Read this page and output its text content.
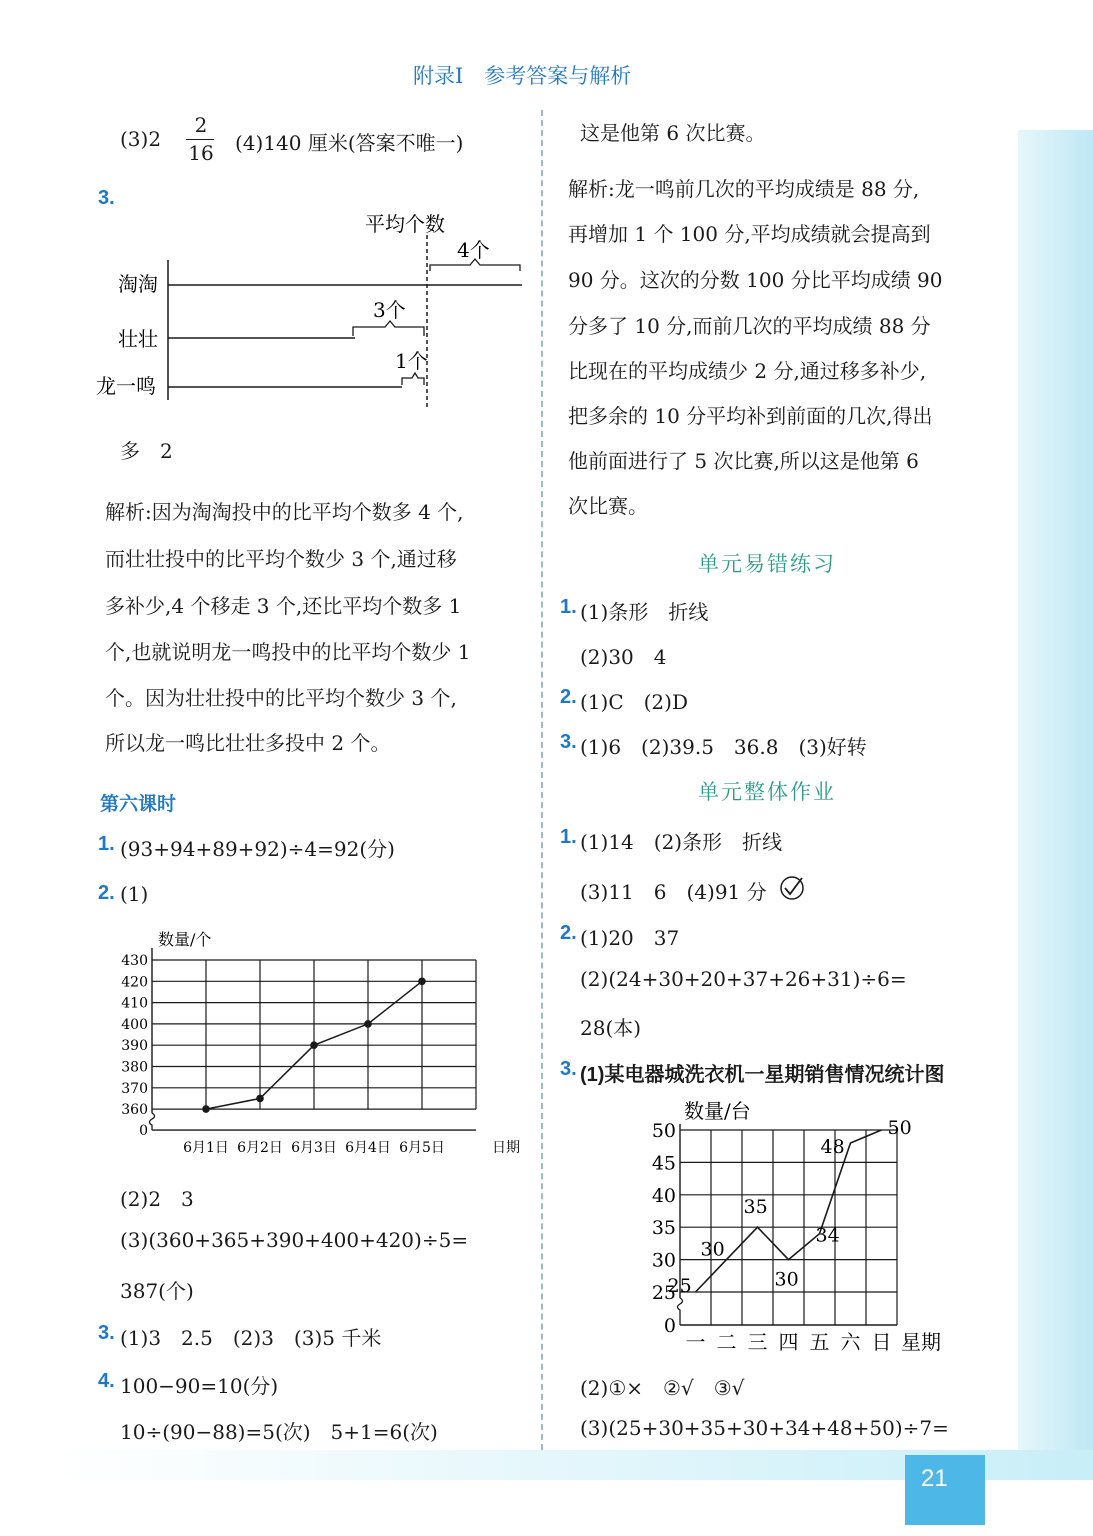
21
附录Ⅰ　参考答案与解析
(3)2
2
16 (4)140 厘米(答案不唯一)
3.
平均个数
淘淘
4个
壮壮
3个
龙一鸣
1个
多　2
解析:因为淘淘投中的比平均个数多 4 个,
而壮壮投中的比平均个数少 3 个,通过移
多补少,4 个移走 3 个,还比平均个数多 1
个,也就说明龙一鸣投中的比平均个数少 1
个。因为壮壮投中的比平均个数少 3 个,
所以龙一鸣比壮壮多投中 2 个。
第六课时
1. (93+94+89+92)÷4=92(分)
2. (1)
数量/个
0
360
370
380
390
400
410
420
430
6月1日 6月2日 6月3日 6月4日 6月5日	日期
(2)2　3
(3)(360+365+390+400+420)÷5=
387(个)
3. (1)3　2.5　(2)3　(3)5 千米
4. 100−90=10(分)
10÷(90−88)=5(次)　5+1=6(次)
这是他第 6 次比赛。
解析:龙一鸣前几次的平均成绩是 88 分,
再增加 1 个 100 分,平均成绩就会提高到
90 分。这次的分数 100 分比平均成绩 90
分多了 10 分,而前几次的平均成绩 88 分
比现在的平均成绩少 2 分,通过移多补少,
把多余的 10 分平均补到前面的几次,得出
他前面进行了 5 次比赛,所以这是他第 6
次比赛。
单元易错练习
1. (1)条形　折线
(2)30　4
2. (1)C　(2)D
3. (1)6　(2)39.5　36.8　(3)好转
单元整体作业
1. (1)14　(2)条形　折线
(3)11　6　(4)91 分
2. (1)20　37
(2)(24+30+20+37+26+31)÷6=
28(本)
3. (1)某电器城洗衣机一星期销售情况统计图
数量/台
0
25
30
35
40
45
50
一 二 三 四 五 六 日 星期
25
30
35
30
34
48
50
(2)①×　②√　③√
(3)(25+30+35+30+34+48+50)÷7=
